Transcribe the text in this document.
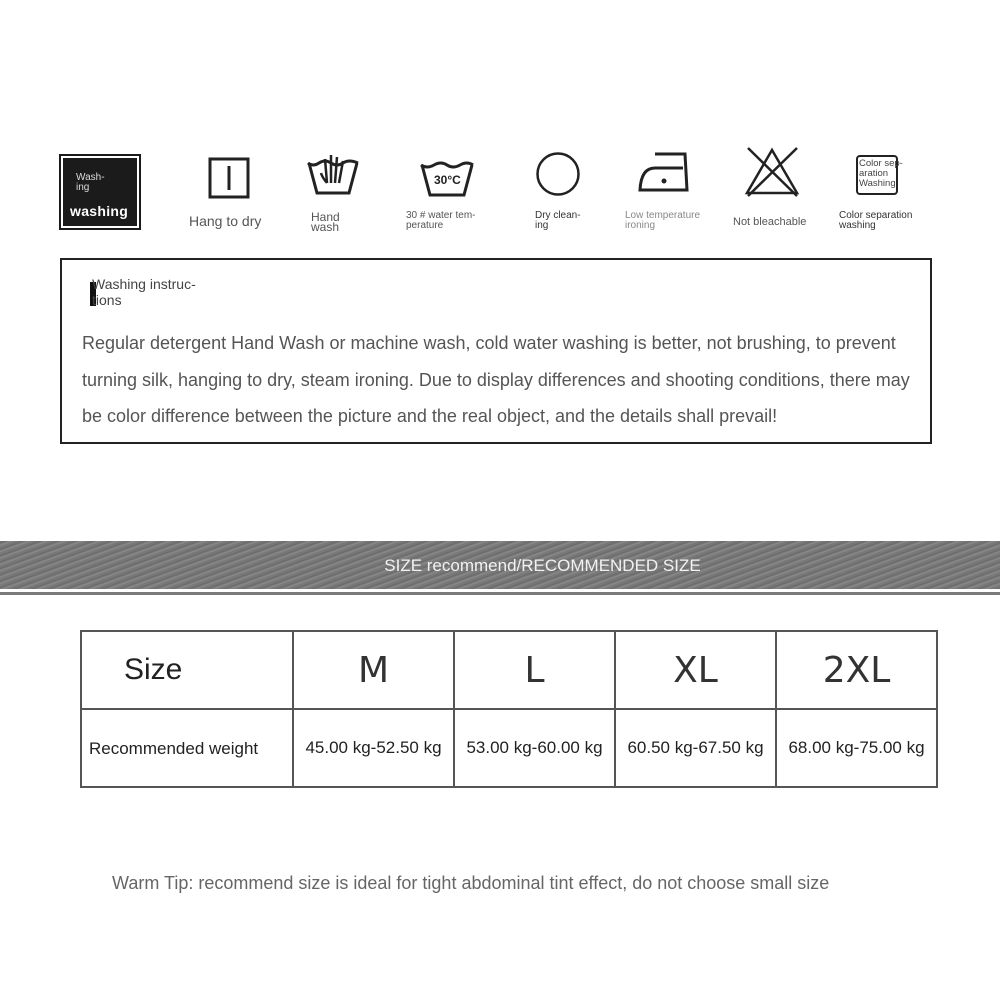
Wash-ing
washing
Hang to dry	Hand wash
30°C
30 # water tem-perature
Dry clean-ing
Low temperature ironing	Not bleachable
Color sep-aration Washing
Color separation washing
Washing instruc-tions
Regular detergent Hand Wash or machine wash, cold water washing is better, not brushing, to prevent turning silk, hanging to dry, steam ironing. Due to display differences and shooting conditions, there may be color difference between the picture and the real object, and the details shall prevail!
SIZE recommend/RECOMMENDED SIZE
Size	M	L	XL	2XL
Recommended weight	45.00 kg-52.50 kg	53.00 kg-60.00 kg	60.50 kg-67.50 kg	68.00 kg-75.00 kg
Warm Tip: recommend size is ideal for tight abdominal tint effect, do not choose small size
